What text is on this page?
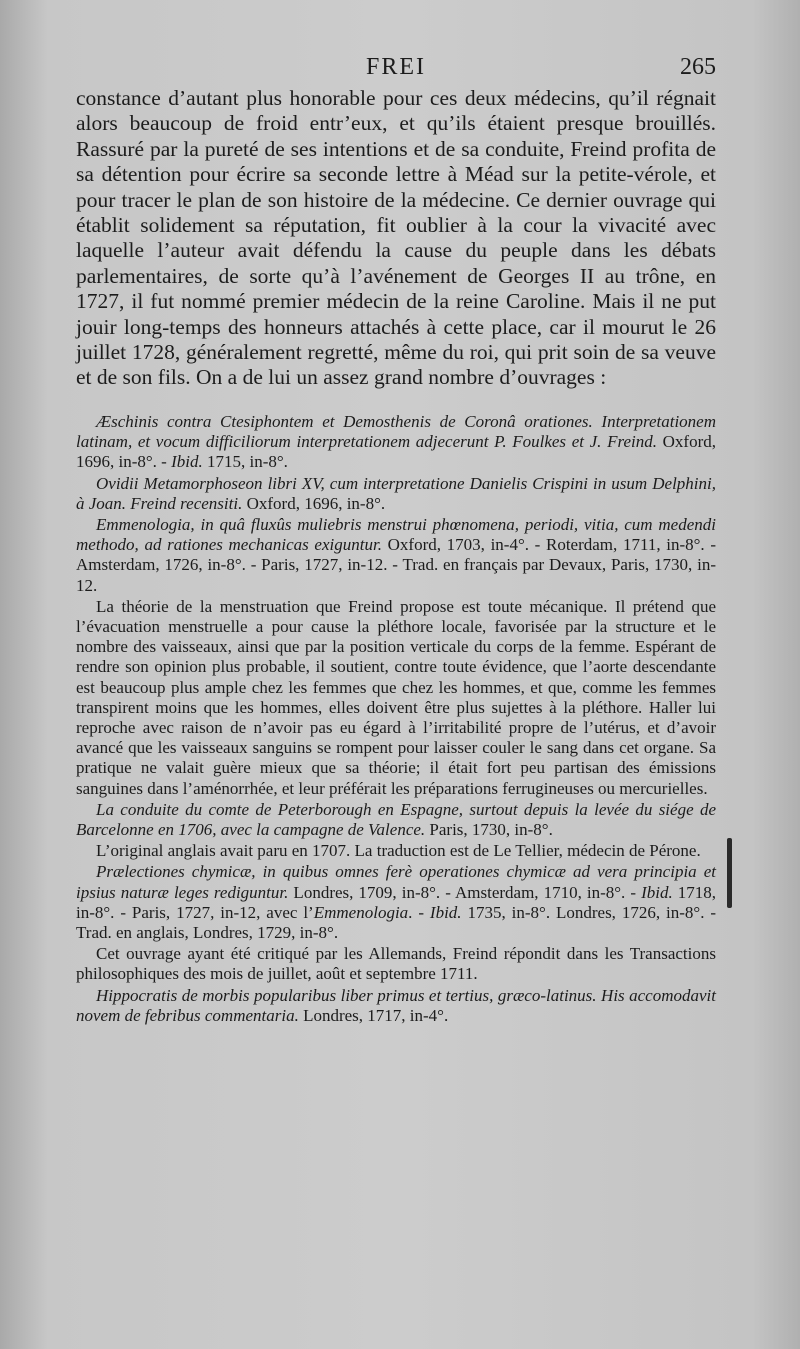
FREI	265

constance d’autant plus honorable pour ces deux médecins, qu’il régnait alors beaucoup de froid entr’eux, et qu’ils étaient presque brouillés. Rassuré par la pureté de ses intentions et de sa conduite, Freind profita de sa détention pour écrire sa seconde lettre à Méad sur la petite-vérole, et pour tracer le plan de son histoire de la médecine. Ce dernier ouvrage qui établit solidement sa réputation, fit oublier à la cour la vivacité avec laquelle l’auteur avait défendu la cause du peuple dans les débats parlementaires, de sorte qu’à l’avénement de Georges II au trône, en 1727, il fut nommé premier médecin de la reine Caroline. Mais il ne put jouir long-temps des honneurs attachés à cette place, car il mourut le 26 juillet 1728, généralement regretté, même du roi, qui prit soin de sa veuve et de son fils. On a de lui un assez grand nombre d’ouvrages :

Æschinis contra Ctesiphontem et Demosthenis de Coronâ orationes. Interpretationem latinam, et vocum difficiliorum interpretationem adjecerunt P. Foulkes et J. Freind. Oxford, 1696, in-8°. - Ibid. 1715, in-8°.

Ovidii Metamorphoseon libri XV, cum interpretatione Danielis Crispini in usum Delphini, à Joan. Freind recensiti. Oxford, 1696, in-8°.

Emmenologia, in quâ fluxûs muliebris menstrui phœnomena, periodi, vitia, cum medendi methodo, ad rationes mechanicas exiguntur. Oxford, 1703, in-4°. - Roterdam, 1711, in-8°. - Amsterdam, 1726, in-8°. - Paris, 1727, in-12. - Trad. en français par Devaux, Paris, 1730, in-12.

La théorie de la menstruation que Freind propose est toute mécanique. Il prétend que l’évacuation menstruelle a pour cause la pléthore locale, favorisée par la structure et le nombre des vaisseaux, ainsi que par la position verticale du corps de la femme. Espérant de rendre son opinion plus probable, il soutient, contre toute évidence, que l’aorte descendante est beaucoup plus ample chez les femmes que chez les hommes, et que, comme les femmes transpirent moins que les hommes, elles doivent être plus sujettes à la pléthore. Haller lui reproche avec raison de n’avoir pas eu égard à l’irritabilité propre de l’utérus, et d’avoir avancé que les vaisseaux sanguins se rompent pour laisser couler le sang dans cet organe. Sa pratique ne valait guère mieux que sa théorie; il était fort peu partisan des émissions sanguines dans l’aménorrhée, et leur préférait les préparations ferrugineuses ou mercurielles.

La conduite du comte de Peterborough en Espagne, surtout depuis la levée du siége de Barcelonne en 1706, avec la campagne de Valence. Paris, 1730, in-8°.

L’original anglais avait paru en 1707. La traduction est de Le Tellier, médecin de Pérone.

Prælectiones chymicæ, in quibus omnes ferè operationes chymicæ ad vera principia et ipsius naturæ leges rediguntur. Londres, 1709, in-8°. - Amsterdam, 1710, in-8°. - Ibid. 1718, in-8°. - Paris, 1727, in-12, avec l’Emmenologia. - Ibid. 1735, in-8°. Londres, 1726, in-8°. - Trad. en anglais, Londres, 1729, in-8°.

Cet ouvrage ayant été critiqué par les Allemands, Freind répondit dans les Transactions philosophiques des mois de juillet, août et septembre 1711.

Hippocratis de morbis popularibus liber primus et tertius, græco-latinus. His accomodavit novem de febribus commentaria. Londres, 1717, in-4°.
